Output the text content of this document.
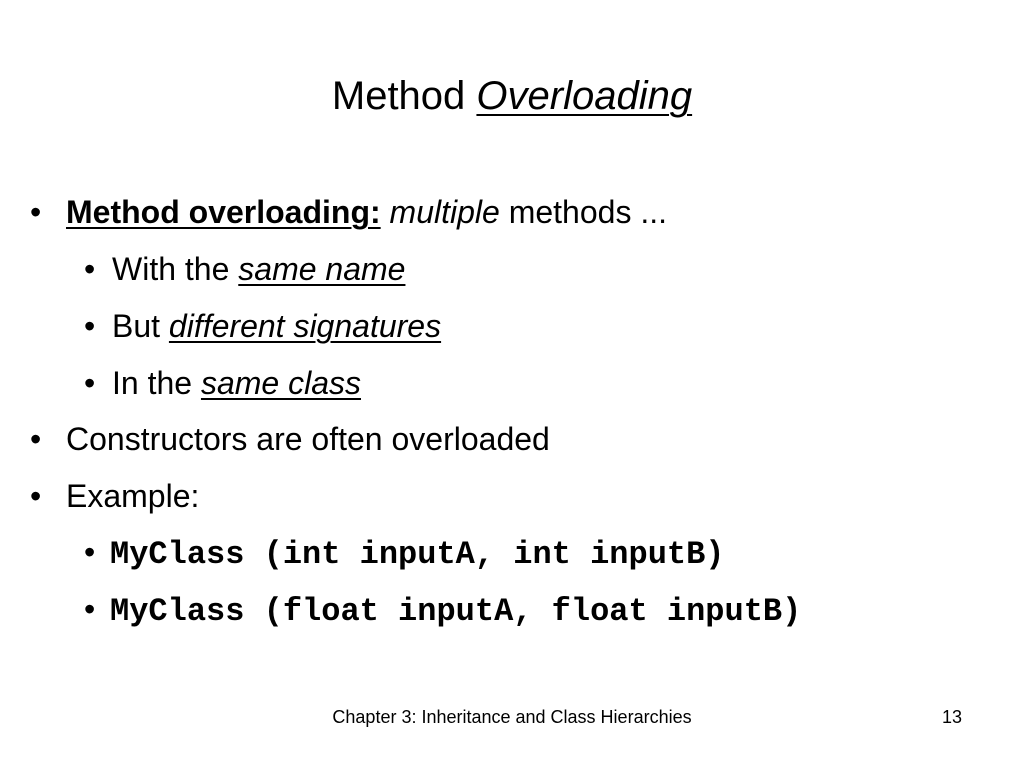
Method Overloading
• Method overloading: multiple methods ...
• With the same name
• But different signatures
• In the same class
• Constructors are often overloaded
• Example:
• MyClass (int inputA, int inputB)
• MyClass (float inputA, float inputB)
Chapter 3: Inheritance and Class Hierarchies	13
